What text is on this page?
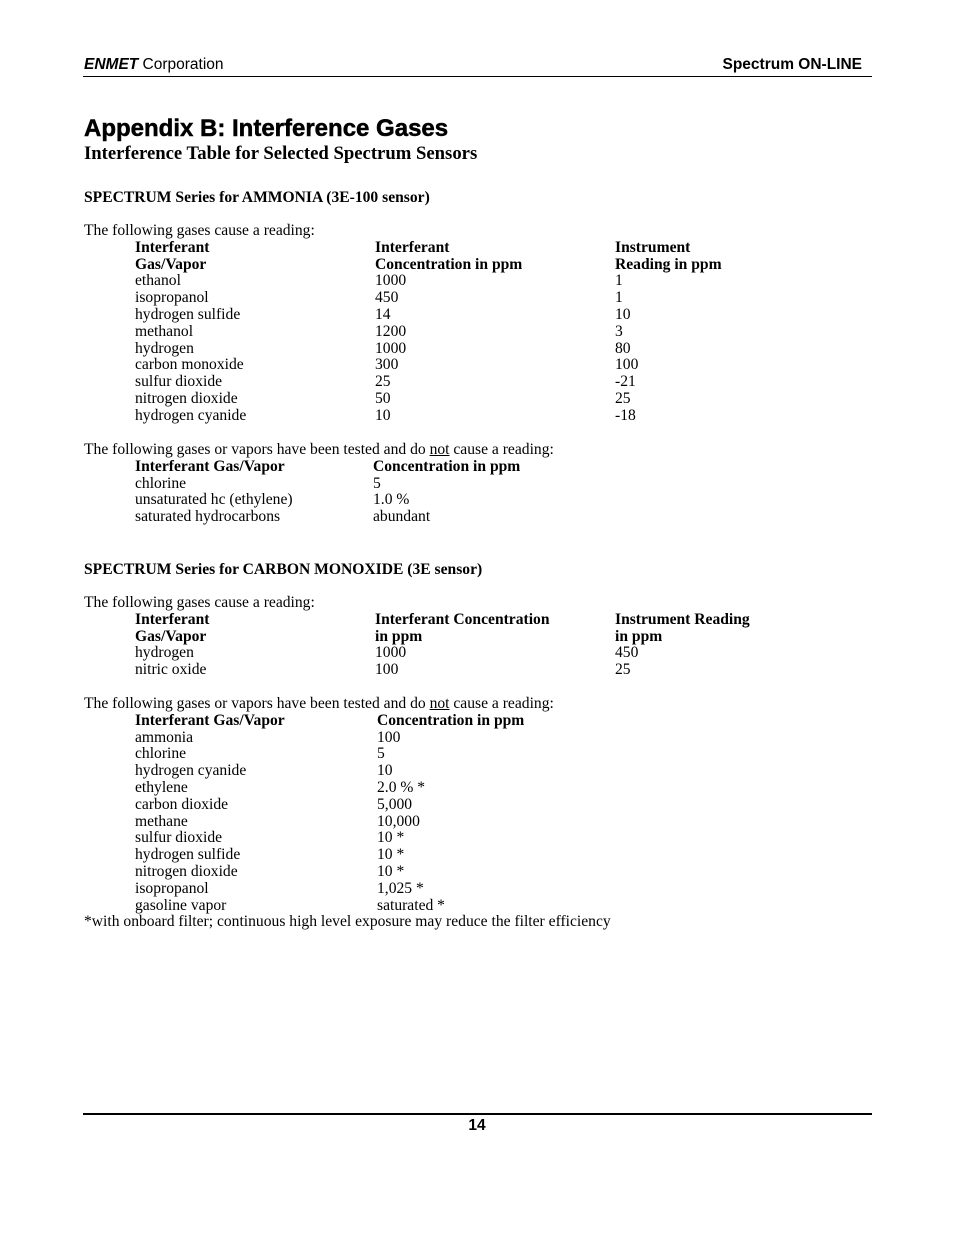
ENMET Corporation	Spectrum ON-LINE
Appendix B: Interference Gases
Interference Table for Selected Spectrum Sensors
SPECTRUM Series for AMMONIA (3E-100 sensor)
The following gases cause a reading:
Interferant	Interferant	Instrument
Gas/Vapor	Concentration in ppm	Reading in ppm
ethanol	1000	1
isopropanol	450	1
hydrogen sulfide	14	10
methanol	1200	3
hydrogen	1000	80
carbon monoxide	300	100
sulfur dioxide	25	-21
nitrogen dioxide	50	25
hydrogen cyanide	10	-18
The following gases or vapors have been tested and do not cause a reading:
Interferant Gas/Vapor	Concentration in ppm
chlorine	5
unsaturated hc (ethylene)	1.0 %
saturated hydrocarbons	abundant
SPECTRUM Series for CARBON MONOXIDE (3E sensor)
The following gases cause a reading:
Interferant	Interferant Concentration	Instrument Reading
Gas/Vapor	in ppm	in ppm
hydrogen	1000	450
nitric oxide	100	25
The following gases or vapors have been tested and do not cause a reading:
Interferant Gas/Vapor	Concentration in ppm
ammonia	100
chlorine	5
hydrogen cyanide	10
ethylene	2.0 % *
carbon dioxide	5,000
methane	10,000
sulfur dioxide	10 *
hydrogen sulfide	10 *
nitrogen dioxide	10 *
isopropanol	1,025 *
gasoline vapor	saturated *
*with onboard filter; continuous high level exposure may reduce the filter efficiency
14
